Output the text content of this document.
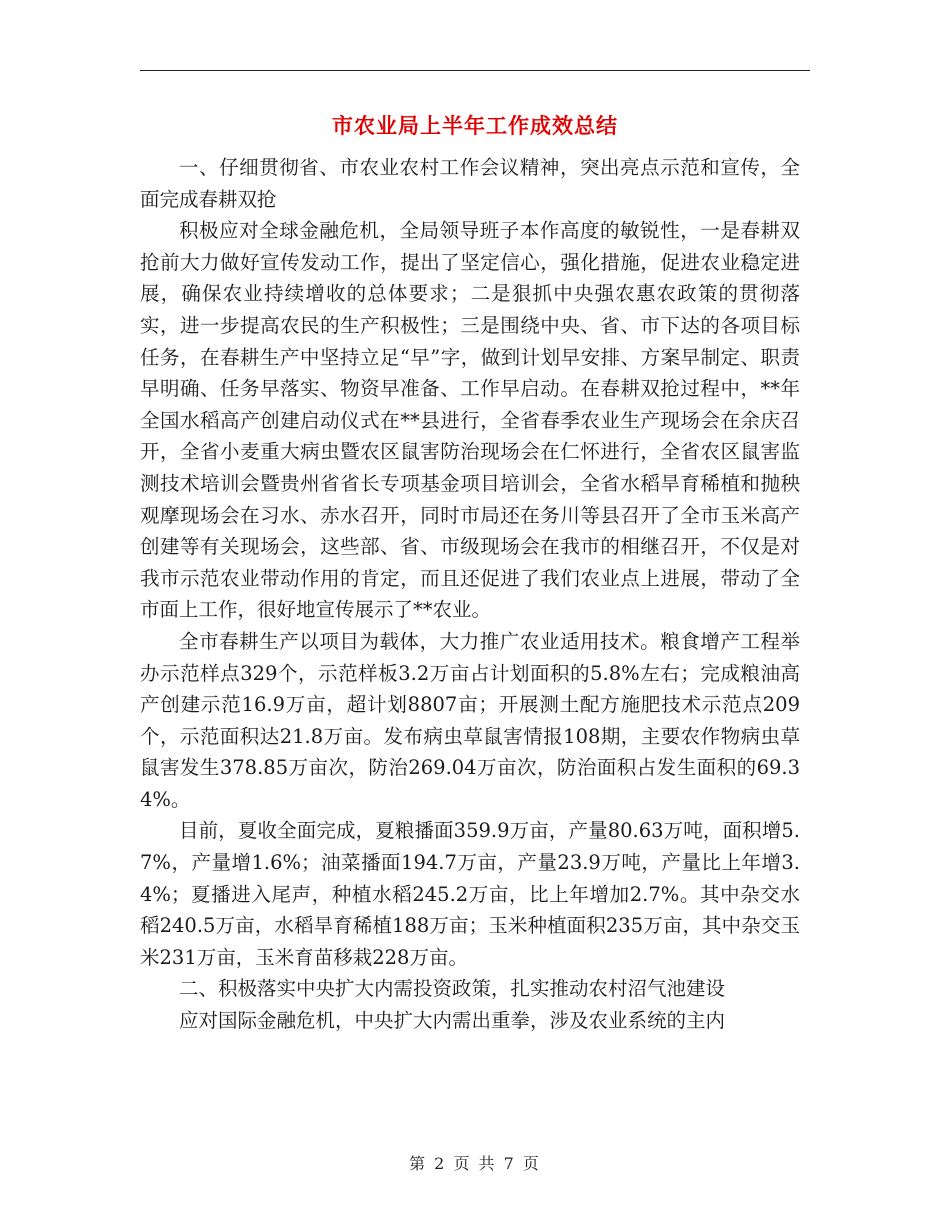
市农业局上半年工作成效总结

一、仔细贯彻省、市农业农村工作会议精神，突出亮点示范和宣传，全面完成春耕双抢

积极应对全球金融危机，全局领导班子本作高度的敏锐性，一是春耕双抢前大力做好宣传发动工作，提出了坚定信心，强化措施，促进农业稳定进展，确保农业持续增收的总体要求；二是狠抓中央强农惠农政策的贯彻落实，进一步提高农民的生产积极性；三是围绕中央、省、市下达的各项目标任务，在春耕生产中坚持立足“早”字，做到计划早安排、方案早制定、职责早明确、任务早落实、物资早准备、工作早启动。在春耕双抢过程中，**年全国水稻高产创建启动仪式在**县进行，全省春季农业生产现场会在余庆召开，全省小麦重大病虫暨农区鼠害防治现场会在仁怀进行，全省农区鼠害监测技术培训会暨贵州省省长专项基金项目培训会，全省水稻旱育稀植和抛秧观摩现场会在习水、赤水召开，同时市局还在务川等县召开了全市玉米高产创建等有关现场会，这些部、省、市级现场会在我市的相继召开，不仅是对我市示范农业带动作用的肯定，而且还促进了我们农业点上进展，带动了全市面上工作，很好地宣传展示了**农业。

全市春耕生产以项目为载体，大力推广农业适用技术。粮食增产工程举办示范样点329个，示范样板3.2万亩占计划面积的5.8%左右；完成粮油高产创建示范16.9万亩，超计划8807亩；开展测土配方施肥技术示范点209个，示范面积达21.8万亩。发布病虫草鼠害情报108期，主要农作物病虫草鼠害发生378.85万亩次，防治269.04万亩次，防治面积占发生面积的69.34%。

目前，夏收全面完成，夏粮播面359.9万亩，产量80.63万吨，面积增5.7%，产量增1.6%；油菜播面194.7万亩，产量23.9万吨，产量比上年增3.4%；夏播进入尾声，种植水稻245.2万亩，比上年增加2.7%。其中杂交水稻240.5万亩，水稻旱育稀植188万亩；玉米种植面积235万亩，其中杂交玉米231万亩，玉米育苗移栽228万亩。

二、积极落实中央扩大内需投资政策，扎实推动农村沼气池建设

应对国际金融危机，中央扩大内需出重拳，涉及农业系统的主内

第 2 页 共 7 页
